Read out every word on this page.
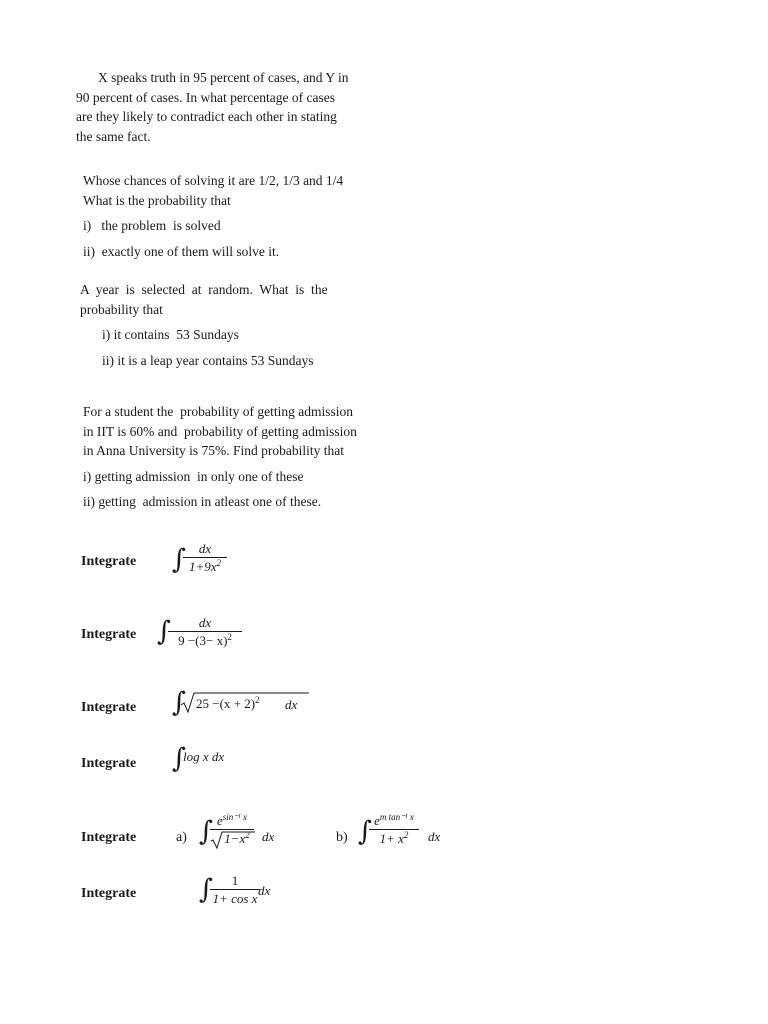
X speaks truth in 95 percent of cases, and Y in

90 percent of cases. In what percentage of cases

are they likely to contradict each other in stating

the same fact.

Whose chances of solving it are 1/2, 1/3 and 1/4

What is the probability that

i)   the problem  is solved

ii)  exactly one of them will solve it.

A  year  is  selected  at  random.  What  is  the

probability that

i) it contains  53 Sundays

ii) it is a leap year contains 53 Sundays

For a student the  probability of getting admission

in IIT is 60% and  probability of getting admission

in Anna University is 75%. Find probability that

i) getting admission  in only one of these

ii) getting  admission in atleast one of these.

Integrate ∫ dx
$1+9x^2$
Integrate ∫	dx
$9 -(3- x)^2$
Integrate ∫ $25 -(x + 2)^2$ dx
Integrate ∫
log x dx
Integrate	a) ∫ $e^{sin^{-1} x}$
$1-x^2$ dx	b) ∫ $e^{m tan^{-1} x}$
$1+ x^2$	dx
Integrate ∫	1
1+ cos x
dx
